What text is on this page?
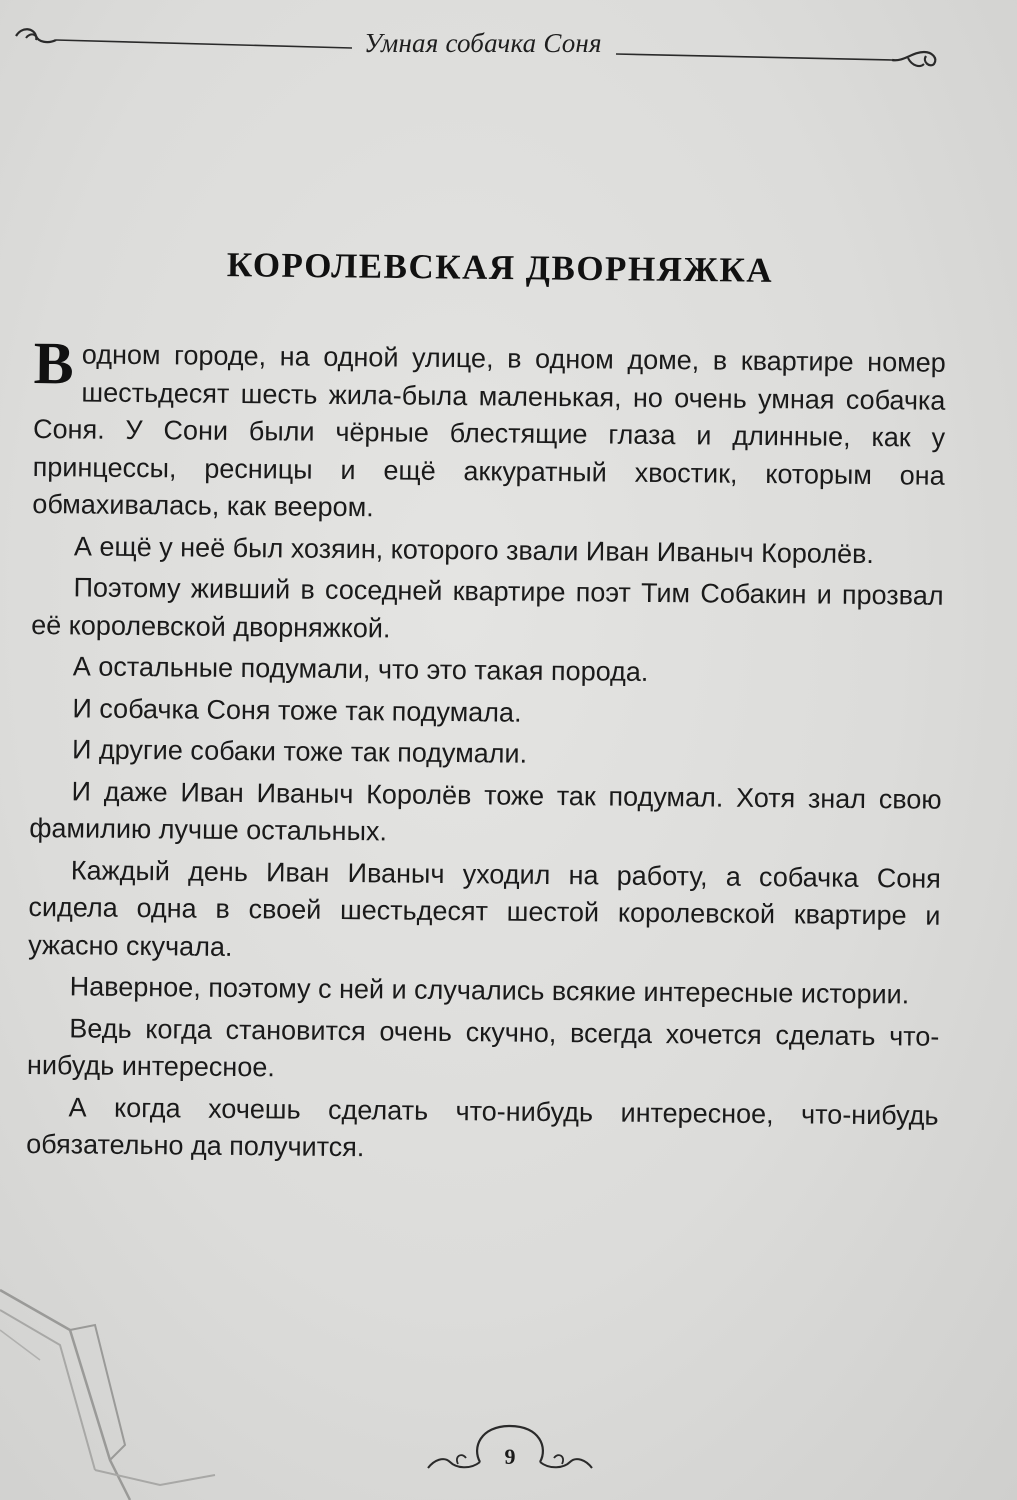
Умная собачка Соня
КОРОЛЕВСКАЯ ДВОРНЯЖКА

В одном городе, на одной улице, в одном доме, в квартире номер шестьдесят шесть жила-была маленькая, но очень умная собачка Соня. У Сони были чёрные блестящие глаза и длинные, как у принцессы, ресницы и ещё аккуратный хвостик, которым она обмахивалась, как веером.

А ещё у неё был хозяин, которого звали Иван Иваныч Королёв.

Поэтому живший в соседней квартире поэт Тим Собакин и прозвал её королевской дворняжкой.

А остальные подумали, что это такая порода.

И собачка Соня тоже так подумала.

И другие собаки тоже так подумали.

И даже Иван Иваныч Королёв тоже так подумал. Хотя знал свою фамилию лучше остальных.

Каждый день Иван Иваныч уходил на работу, а собачка Соня сидела одна в своей шестьдесят шестой королевской квартире и ужасно скучала.

Наверное, поэтому с ней и случались всякие интересные истории.

Ведь когда становится очень скучно, всегда хочется сделать что-нибудь интересное.

А когда хочешь сделать что-нибудь интересное, что-нибудь обязательно да получится.

9
